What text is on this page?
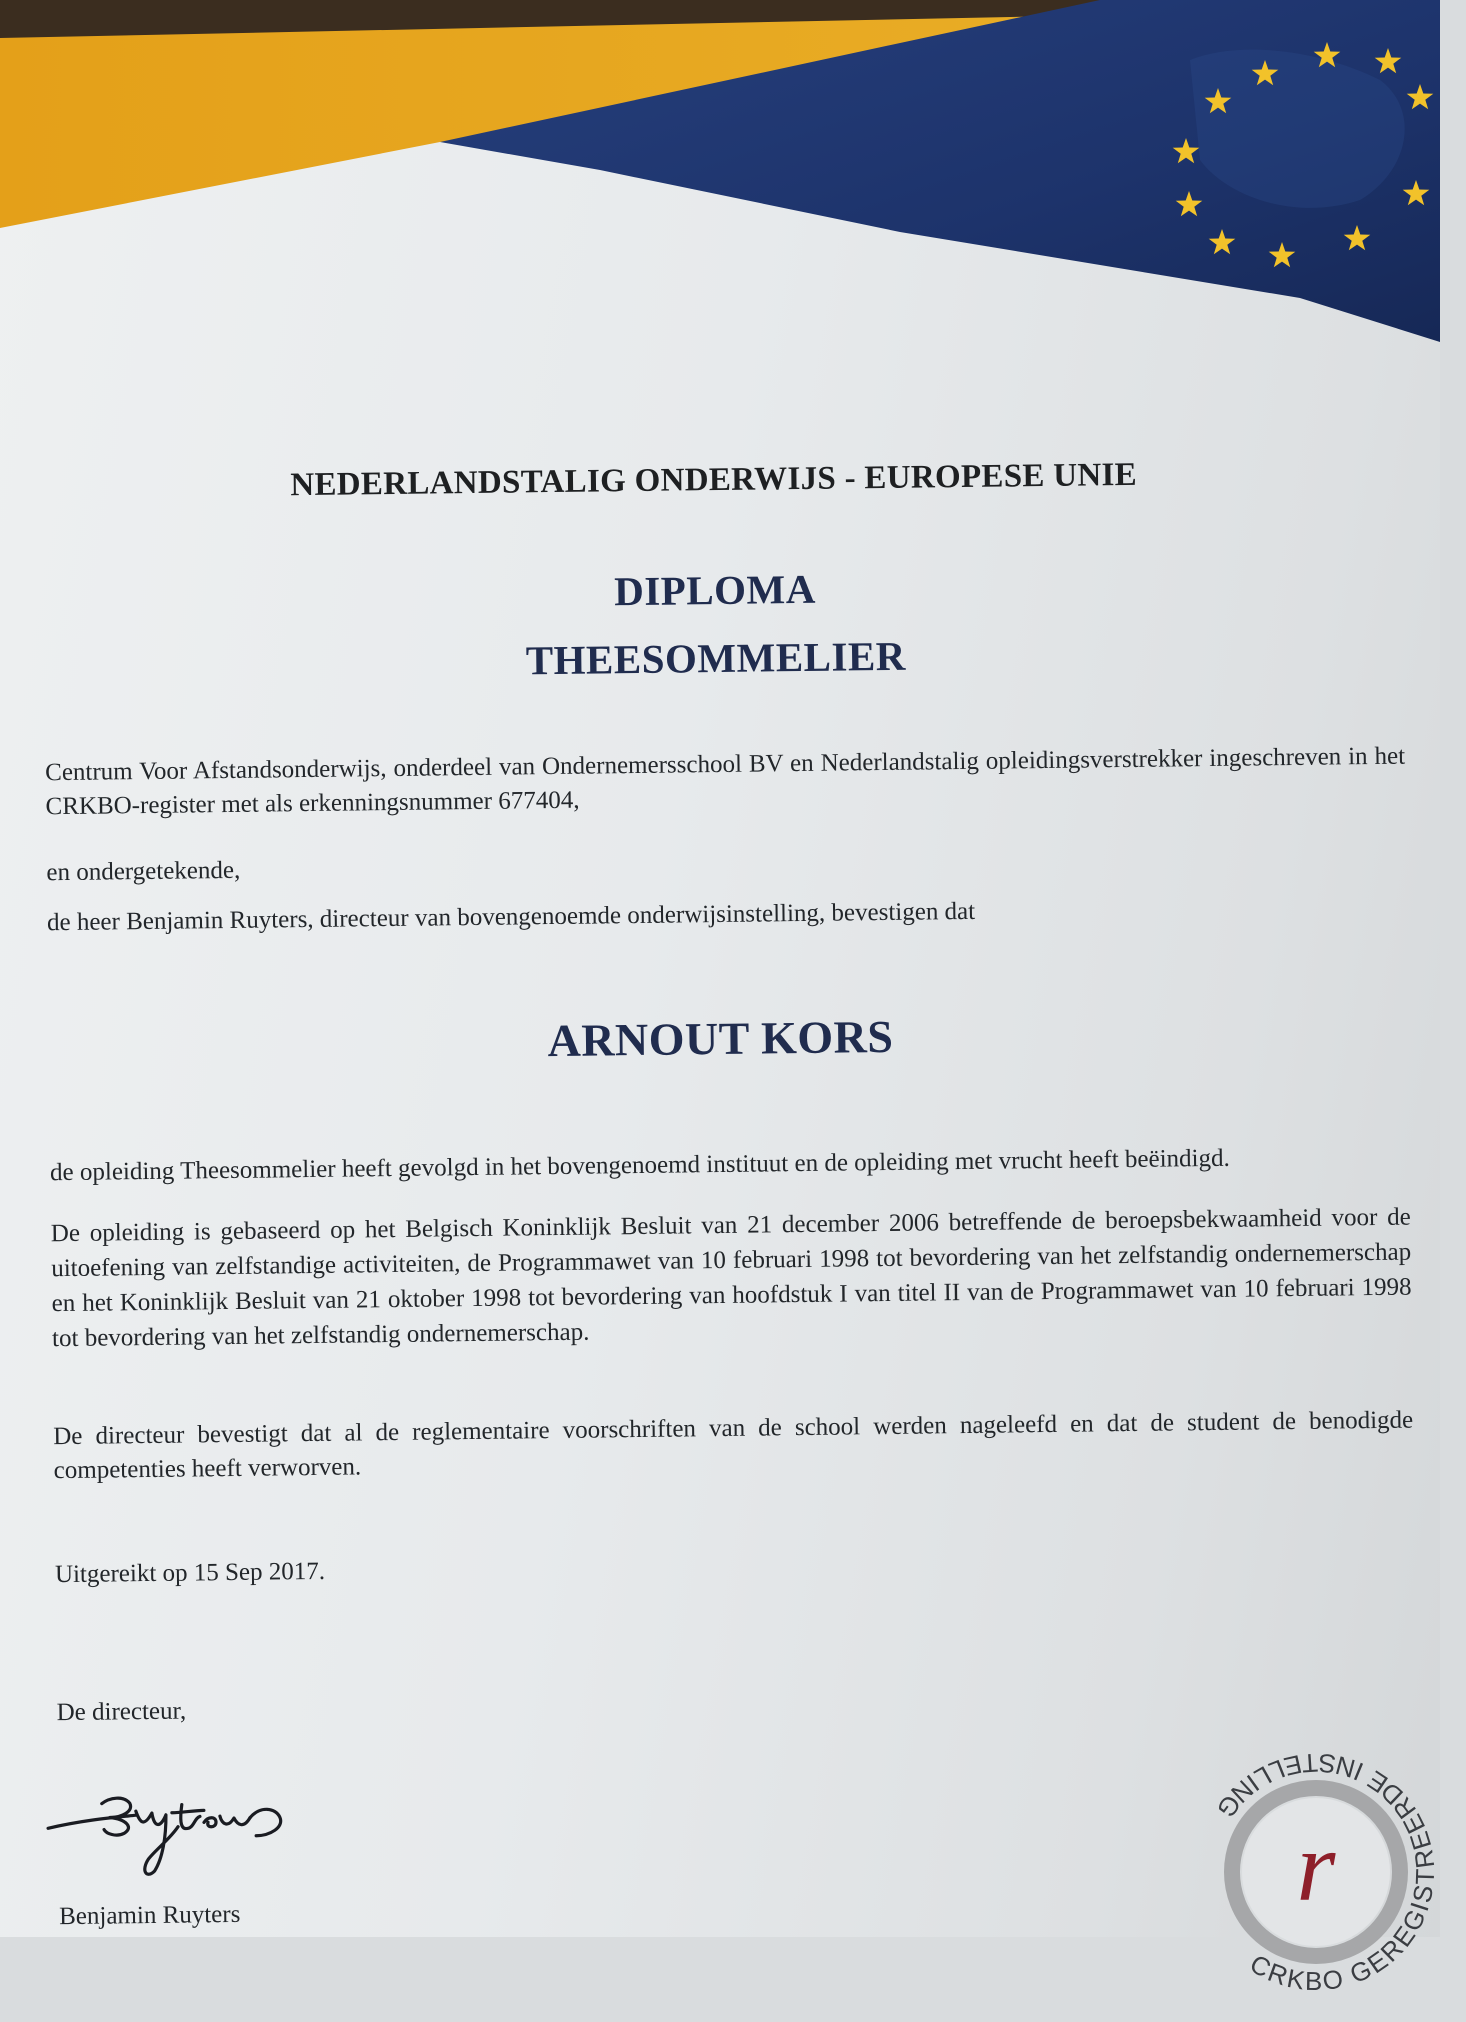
NEDERLANDSTALIG ONDERWIJS - EUROPESE UNIE
DIPLOMA
THEESOMMELIER

Centrum Voor Afstandsonderwijs, onderdeel van Ondernemersschool BV en Nederlandstalig opleidingsverstrekker ingeschreven in het CRKBO-register met als erkenningsnummer 677404,

en ondergetekende,

de heer Benjamin Ruyters, directeur van bovengenoemde onderwijsinstelling, bevestigen dat

ARNOUT KORS

de opleiding Theesommelier heeft gevolgd in het bovengenoemd instituut en de opleiding met vrucht heeft beëindigd.

De opleiding is gebaseerd op het Belgisch Koninklijk Besluit van 21 december 2006 betreffende de beroepsbekwaamheid voor de uitoefening van zelfstandige activiteiten, de Programmawet van 10 februari 1998 tot bevordering van het zelfstandig ondernemerschap en het Koninklijk Besluit van 21 oktober 1998 tot bevordering van hoofdstuk I van titel II van de Programmawet van 10 februari 1998 tot bevordering van het zelfstandig ondernemerschap.

De directeur bevestigt dat al de reglementaire voorschriften van de school werden nageleefd en dat de student de benodigde competenties heeft verworven.

Uitgereikt op 15 Sep 2017.

De directeur,

Benjamin Ruyters	r
CRKBO GEREGISTREERDE INSTELLING
